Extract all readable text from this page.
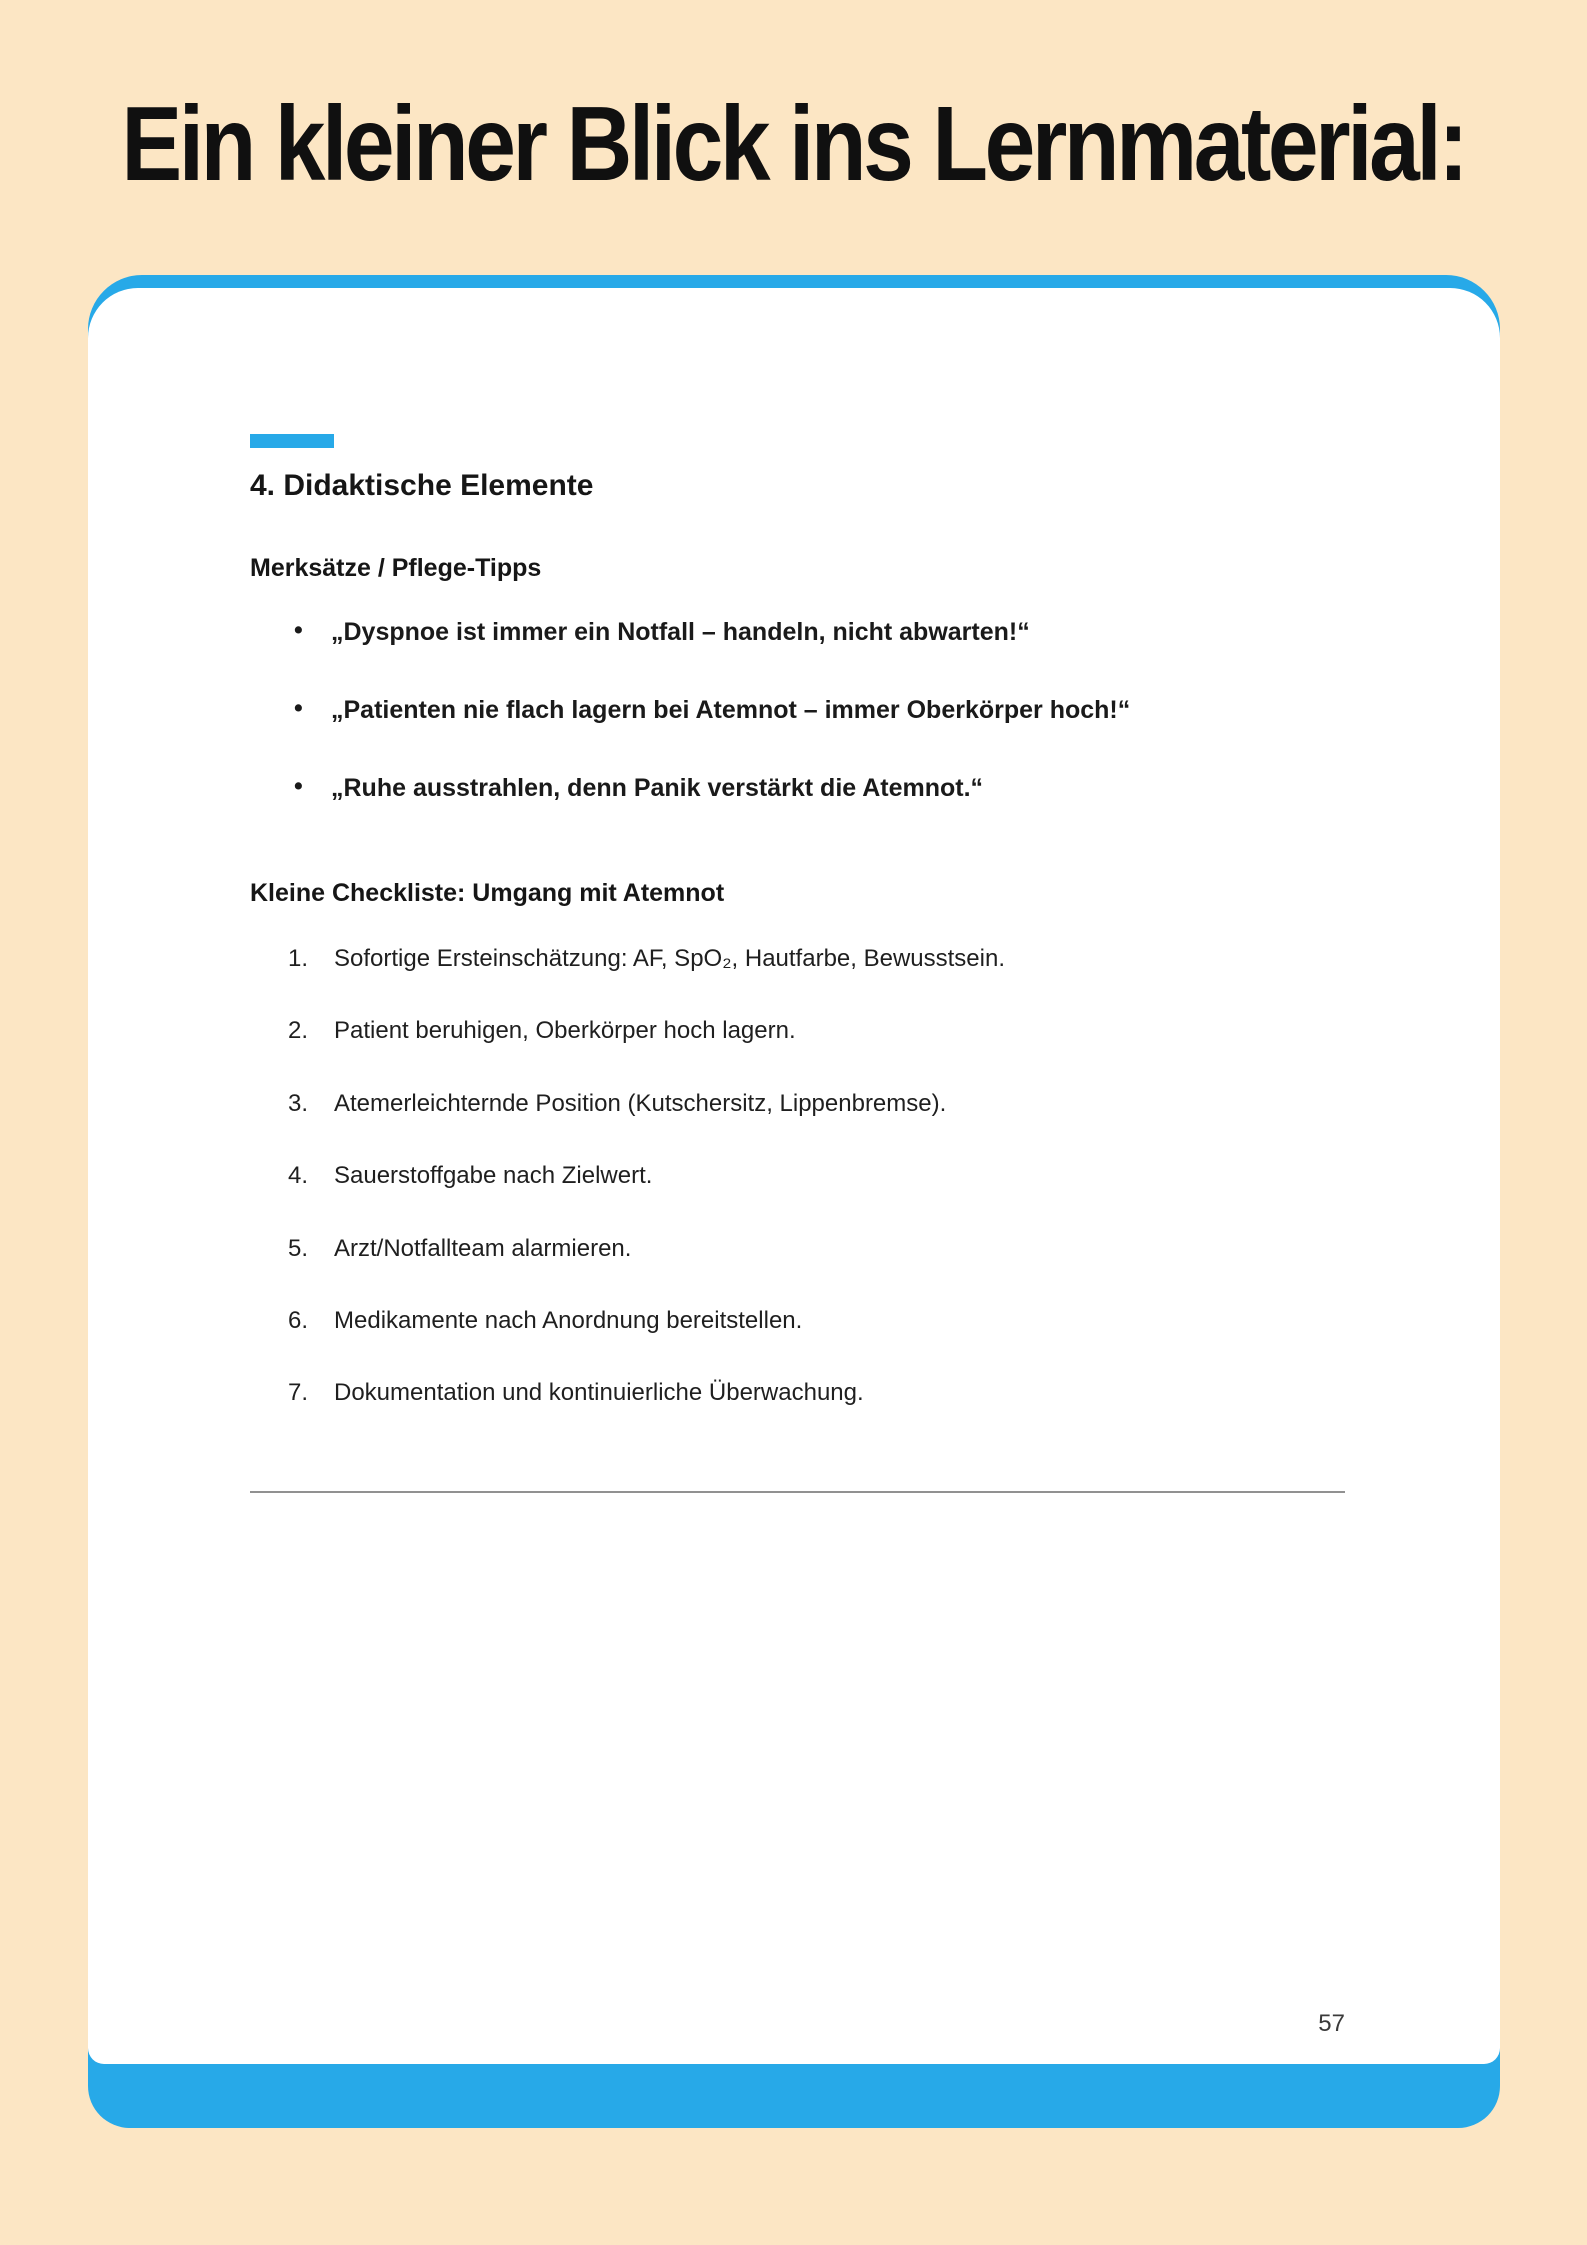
Ein kleiner Blick ins Lernmaterial:
4. Didaktische Elemente
Merksätze / Pflege-Tipps
• „Dyspnoe ist immer ein Notfall – handeln, nicht abwarten!“
• „Patienten nie flach lagern bei Atemnot – immer Oberkörper hoch!“
• „Ruhe ausstrahlen, denn Panik verstärkt die Atemnot.“
Kleine Checkliste: Umgang mit Atemnot
1. Sofortige Ersteinschätzung: AF, SpO₂, Hautfarbe, Bewusstsein.
2. Patient beruhigen, Oberkörper hoch lagern.
3. Atemerleichternde Position (Kutschersitz, Lippenbremse).
4. Sauerstoffgabe nach Zielwert.
5. Arzt/Notfallteam alarmieren.
6. Medikamente nach Anordnung bereitstellen.
7. Dokumentation und kontinuierliche Überwachung.
57
